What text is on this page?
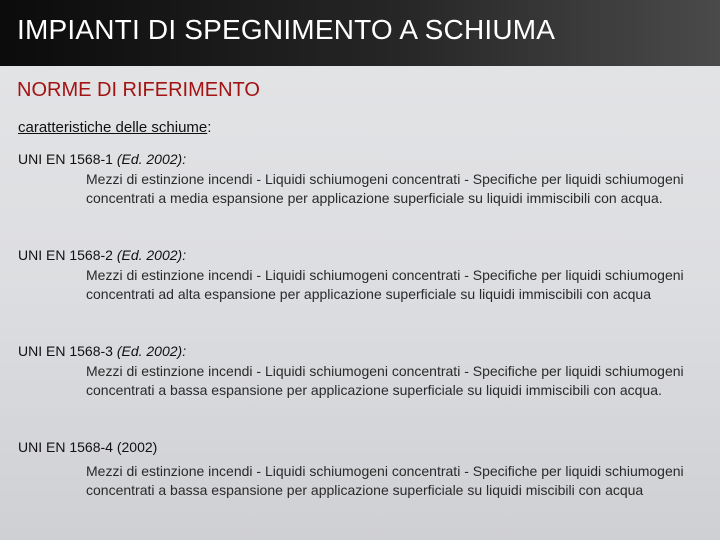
IMPIANTI DI SPEGNIMENTO A SCHIUMA
NORME DI RIFERIMENTO
caratteristiche delle schiume:
UNI EN 1568-1 (Ed. 2002):
Mezzi di estinzione incendi - Liquidi schiumogeni concentrati - Specifiche per liquidi schiumogeni concentrati a media espansione per applicazione superficiale su liquidi immiscibili con acqua.
UNI EN 1568-2 (Ed. 2002):
Mezzi di estinzione incendi - Liquidi schiumogeni concentrati - Specifiche per liquidi schiumogeni concentrati ad alta espansione per applicazione superficiale su liquidi immiscibili con acqua
UNI EN 1568-3 (Ed. 2002):
Mezzi di estinzione incendi - Liquidi schiumogeni concentrati - Specifiche per liquidi schiumogeni concentrati a bassa espansione per applicazione superficiale su liquidi immiscibili con acqua.
UNI EN 1568-4 (2002)
Mezzi di estinzione incendi - Liquidi schiumogeni concentrati - Specifiche per liquidi schiumogeni concentrati a bassa espansione per applicazione superficiale su liquidi miscibili con acqua
